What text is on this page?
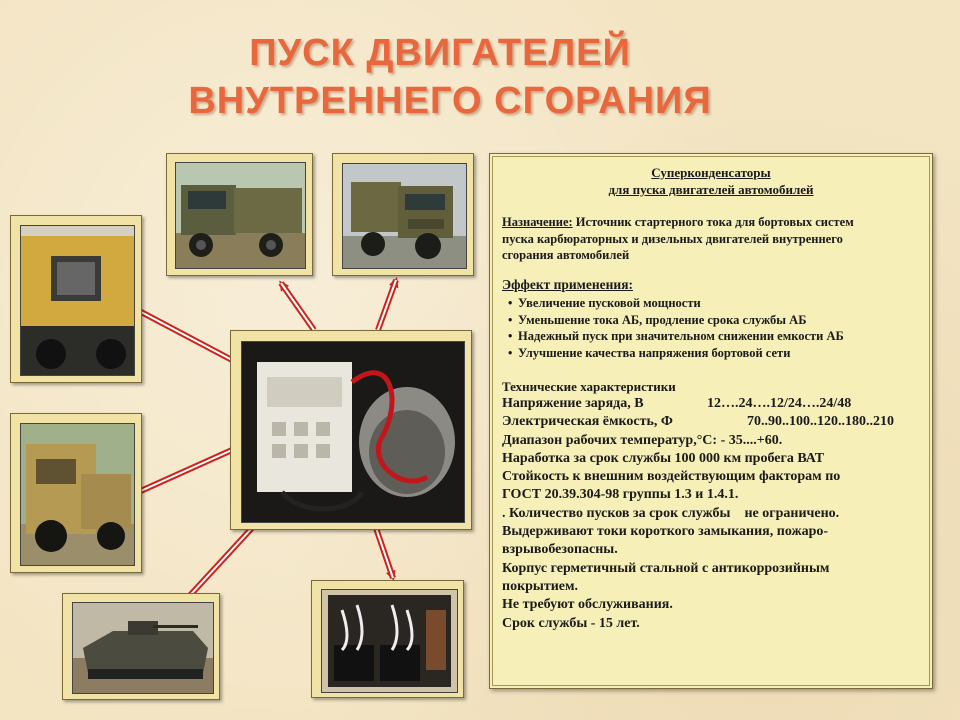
ПУСК ДВИГАТЕЛЕЙ
ВНУТРЕННЕГО СГОРАНИЯ
Суперконденсаторы
для пуска двигателей автомобилей
Назначение: Источник стартерного тока для бортовых систем
пуска карбюраторных и дизельных двигателей внутреннего
сгорания автомобилей
Эффект применения:
• Увеличение пусковой мощности
• Уменьшение тока АБ, продление срока службы АБ
• Надежный пуск при значительном снижении емкости АБ
• Улучшение качества напряжения бортовой сети
Технические характеристики
Напряжение заряда, В	12….24….12/24….24/48
Электрическая ёмкость, Ф	70..90..100..120..180..210
Диапазон рабочих температур,°C: - 35....+60.
Наработка за срок службы 100 000 км пробега ВАТ
Стойкость к внешним воздействующим факторам по
ГОСТ 20.39.304-98 группы 1.3 и 1.4.1.
. Количество пусков за срок службы не ограничено.
Выдерживают токи короткого замыкания, пожаро-
взрывобезопасны.
Корпус герметичный стальной с антикоррозийным
покрытием.
Не требуют обслуживания.
Срок службы - 15 лет.
